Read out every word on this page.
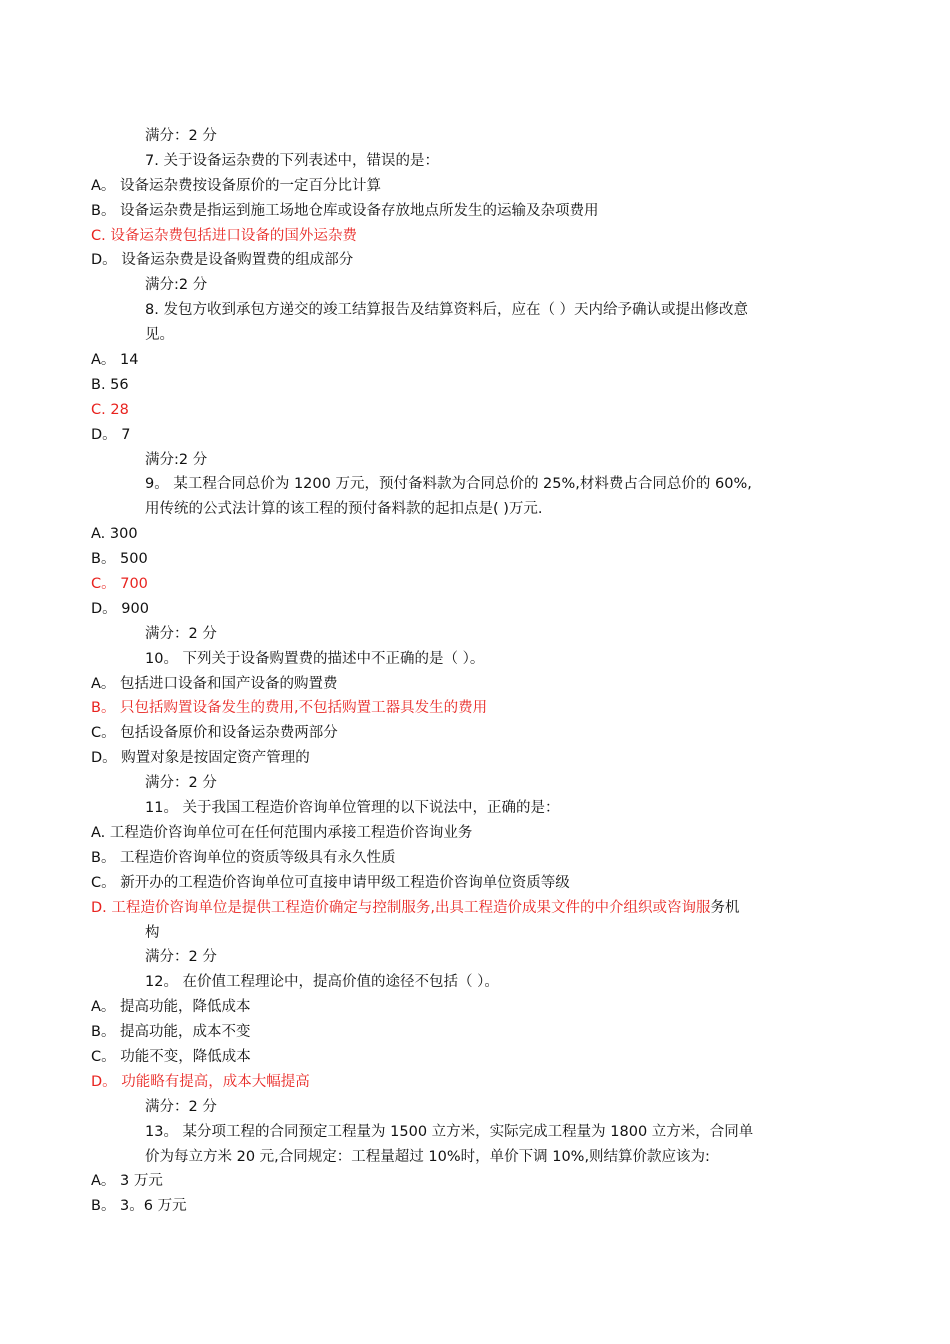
满分：2 分
7. 关于设备运杂费的下列表述中，错误的是：
A。 设备运杂费按设备原价的一定百分比计算
B。 设备运杂费是指运到施工场地仓库或设备存放地点所发生的运输及杂项费用
C. 设备运杂费包括进口设备的国外运杂费
D。 设备运杂费是设备购置费的组成部分
满分:2 分
8. 发包方收到承包方递交的竣工结算报告及结算资料后，应在（ ）天内给予确认或提出修改意
见。
A。 14
B. 56
C. 28
D。 7
满分:2 分
9。 某工程合同总价为 1200 万元，预付备料款为合同总价的 25%,材料费占合同总价的 60%,
用传统的公式法计算的该工程的预付备料款的起扣点是( )万元.
A. 300
B。 500
C。 700
D。 900
满分：2 分
10。 下列关于设备购置费的描述中不正确的是（ ）。
A。 包括进口设备和国产设备的购置费
B。 只包括购置设备发生的费用,不包括购置工器具发生的费用
C。 包括设备原价和设备运杂费两部分
D。 购置对象是按固定资产管理的
满分：2 分
11。 关于我国工程造价咨询单位管理的以下说法中，正确的是：
A. 工程造价咨询单位可在任何范围内承接工程造价咨询业务
B。 工程造价咨询单位的资质等级具有永久性质
C。 新开办的工程造价咨询单位可直接申请甲级工程造价咨询单位资质等级
D. 工程造价咨询单位是提供工程造价确定与控制服务,出具工程造价成果文件的中介组织或咨询服务机
构
满分：2 分
12。 在价值工程理论中，提高价值的途径不包括（ ）。
A。 提高功能，降低成本
B。 提高功能，成本不变
C。 功能不变，降低成本
D。 功能略有提高，成本大幅提高
满分：2 分
13。 某分项工程的合同预定工程量为 1500 立方米，实际完成工程量为 1800 立方米，合同单
价为每立方米 20 元,合同规定：工程量超过 10%时，单价下调 10%,则结算价款应该为:
A。 3 万元
B。 3。6 万元
